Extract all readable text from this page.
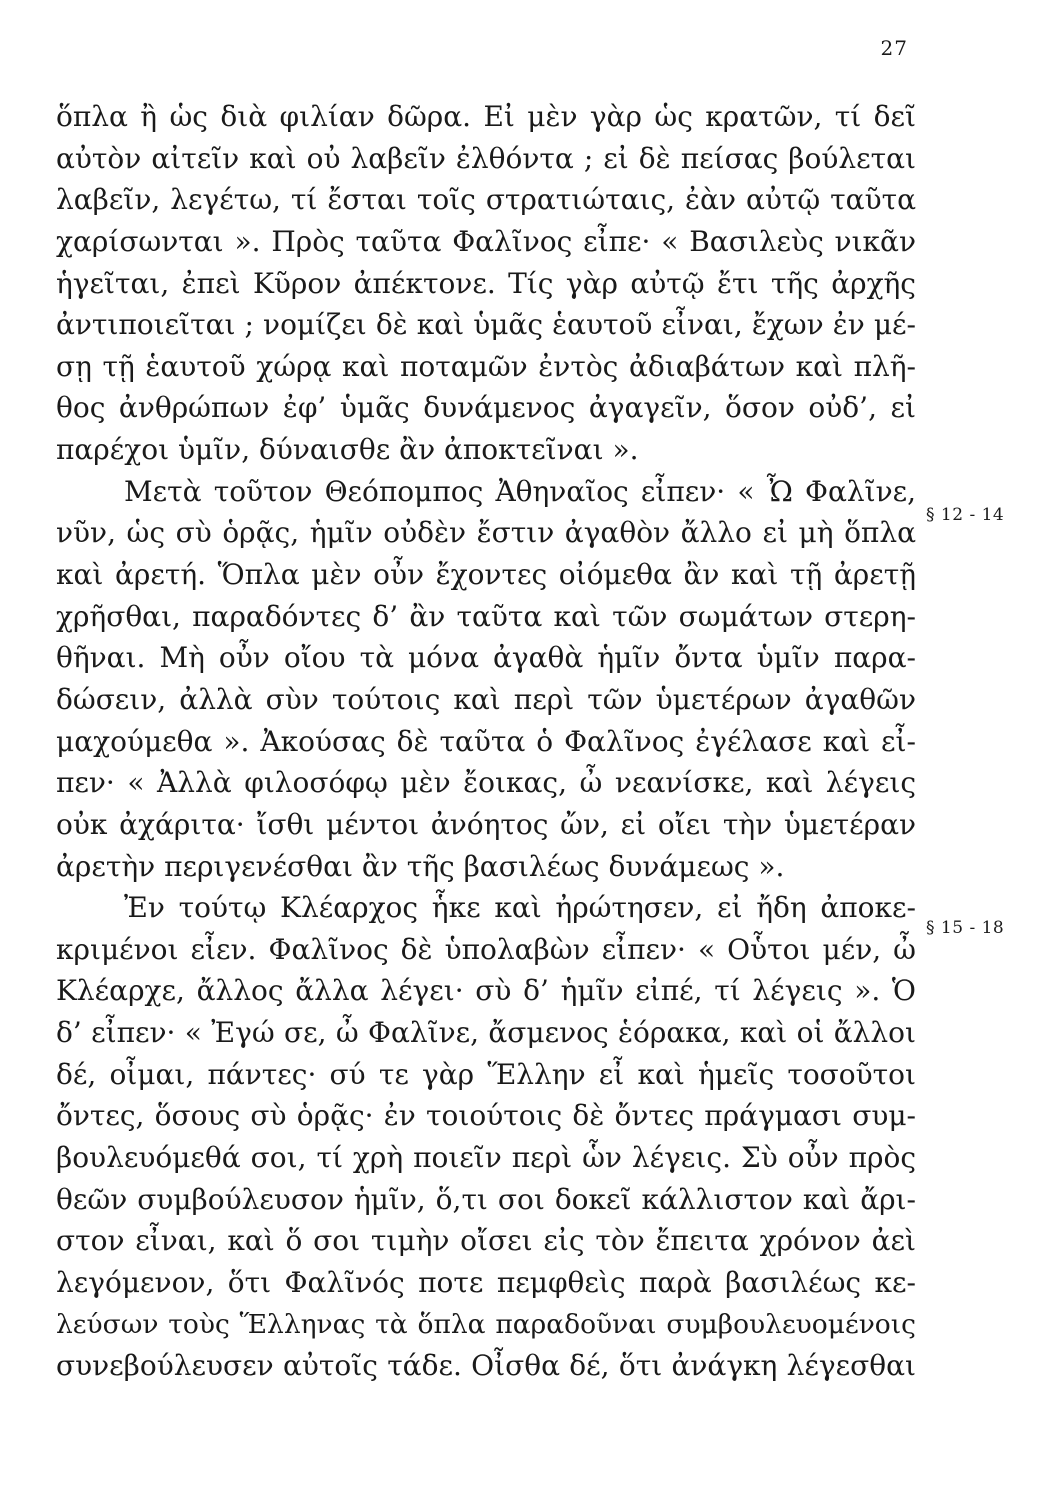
27
ὅπλα ἢ ὡς διὰ φιλίαν δῶρα. Εἰ μὲν γὰρ ὡς κρατῶν, τί δεῖ
αὐτὸν αἰτεῖν καὶ οὐ λαβεῖν ἐλθόντα ; εἰ δὲ πείσας βούλεται
λαβεῖν, λεγέτω, τί ἔσται τοῖς στρατιώταις, ἐὰν αὐτῷ ταῦτα
χαρίσωνται ». Πρὸς ταῦτα Φαλῖνος εἶπε· « Βασιλεὺς νικᾶν
ἡγεῖται, ἐπεὶ Κῦρον ἀπέκτονε. Τίς γὰρ αὐτῷ ἔτι τῆς ἀρχῆς
ἀντιποιεῖται ; νομίζει δὲ καὶ ὑμᾶς ἑαυτοῦ εἶναι, ἔχων ἐν μέ-
σῃ τῇ ἑαυτοῦ χώρᾳ καὶ ποταμῶν ἐντὸς ἀδιαβάτων καὶ πλῆ-
θος ἀνθρώπων ἐφ’ ὑμᾶς δυνάμενος ἀγαγεῖν, ὅσον οὐδ’, εἰ
παρέχοι ὑμῖν, δύναισθε ἂν ἀποκτεῖναι ».
Μετὰ τοῦτον Θεόπομπος Ἀθηναῖος εἶπεν· « Ὦ Φαλῖνε,
νῦν, ὡς σὺ ὁρᾷς, ἡμῖν οὐδὲν ἔστιν ἀγαθὸν ἄλλο εἰ μὴ ὅπλα
καὶ ἀρετή. Ὅπλα μὲν οὖν ἔχοντες οἰόμεθα ἂν καὶ τῇ ἀρετῇ
χρῆσθαι, παραδόντες δ’ ἂν ταῦτα καὶ τῶν σωμάτων στερη-
θῆναι. Μὴ οὖν οἴου τὰ μόνα ἀγαθὰ ἡμῖν ὄντα ὑμῖν παρα-
δώσειν, ἀλλὰ σὺν τούτοις καὶ περὶ τῶν ὑμετέρων ἀγαθῶν
μαχούμεθα ». Ἀκούσας δὲ ταῦτα ὁ Φαλῖνος ἐγέλασε καὶ εἶ-
πεν· « Ἀλλὰ φιλοσόφῳ μὲν ἔοικας, ὦ νεανίσκε, καὶ λέγεις
οὐκ ἀχάριτα· ἴσθι μέντοι ἀνόητος ὤν, εἰ οἴει τὴν ὑμετέραν
ἀρετὴν περιγενέσθαι ἂν τῆς βασιλέως δυνάμεως ».
Ἐν τούτῳ Κλέαρχος ἧκε καὶ ἠρώτησεν, εἰ ἤδη ἀποκε-
κριμένοι εἶεν. Φαλῖνος δὲ ὑπολαβὼν εἶπεν· « Οὗτοι μέν, ὦ
Κλέαρχε, ἄλλος ἄλλα λέγει· σὺ δ’ ἡμῖν εἰπέ, τί λέγεις ». Ὁ
δ’ εἶπεν· « Ἐγώ σε, ὦ Φαλῖνε, ἄσμενος ἑόρακα, καὶ οἱ ἄλλοι
δέ, οἶμαι, πάντες· σύ τε γὰρ Ἕλλην εἶ καὶ ἡμεῖς τοσοῦτοι
ὄντες, ὅσους σὺ ὁρᾷς· ἐν τοιούτοις δὲ ὄντες πράγμασι συμ-
βουλευόμεθά σοι, τί χρὴ ποιεῖν περὶ ὧν λέγεις. Σὺ οὖν πρὸς
θεῶν συμβούλευσον ἡμῖν, ὅ,τι σοι δοκεῖ κάλλιστον καὶ ἄρι-
στον εἶναι, καὶ ὅ σοι τιμὴν οἴσει εἰς τὸν ἔπειτα χρόνον ἀεὶ
λεγόμενον, ὅτι Φαλῖνός ποτε πεμφθεὶς παρὰ βασιλέως κε-
λεύσων τοὺς Ἕλληνας τὰ ὅπλα παραδοῦναι συμβουλευομένοις
συνεβούλευσεν αὐτοῖς τάδε. Οἶσθα δέ, ὅτι ἀνάγκη λέγεσθαι
§ 12 - 14
§ 15 - 18
